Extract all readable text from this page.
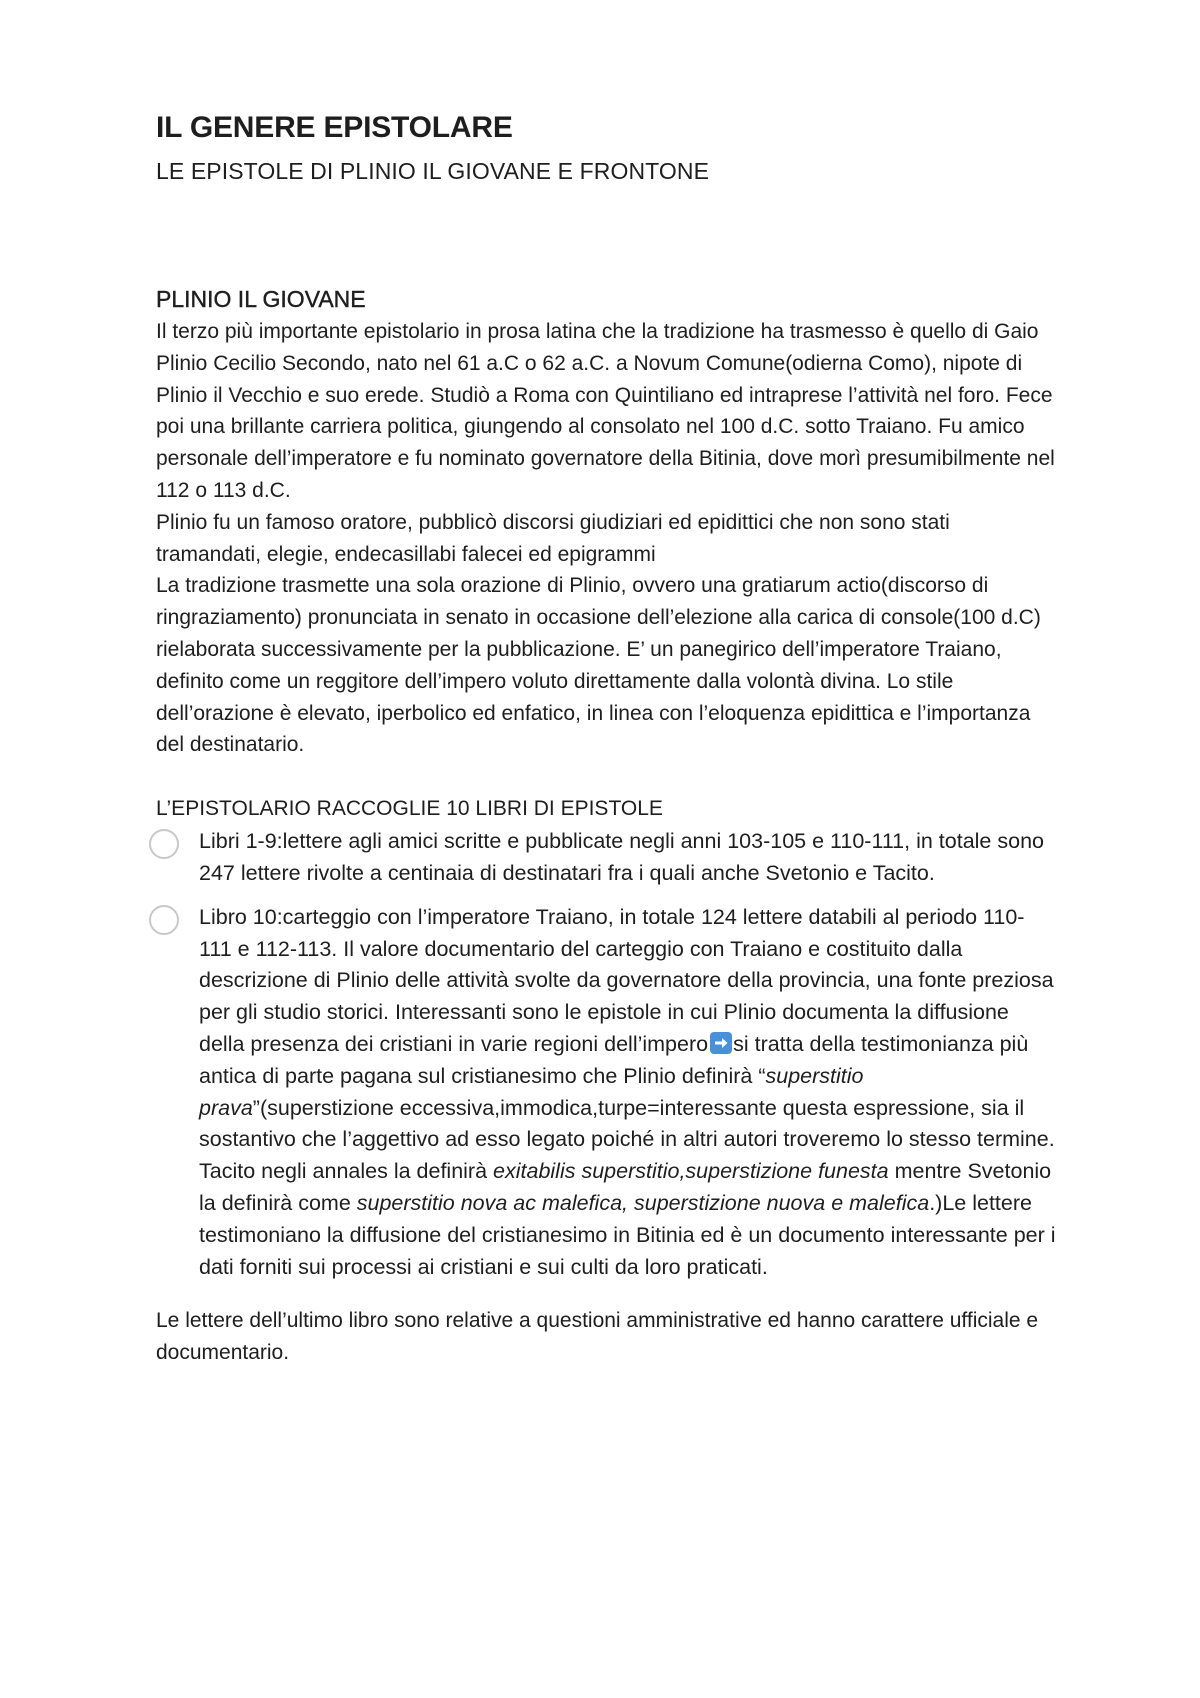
IL GENERE EPISTOLARE
LE EPISTOLE DI PLINIO IL GIOVANE E FRONTONE
PLINIO IL GIOVANE

Il terzo più importante epistolario in prosa latina che la tradizione ha trasmesso è quello di Gaio Plinio Cecilio Secondo, nato nel 61 a.C o 62 a.C. a Novum Comune(odierna Como), nipote di Plinio il Vecchio e suo erede. Studiò a Roma con Quintiliano ed intraprese l’attività nel foro. Fece poi una brillante carriera politica, giungendo al consolato nel 100 d.C. sotto Traiano. Fu amico personale dell’imperatore e fu nominato governatore della Bitinia, dove morì presumibilmente nel 112 o 113 d.C.

Plinio fu un famoso oratore, pubblicò discorsi giudiziari ed epidittici che non sono stati tramandati, elegie, endecasillabi falecei ed epigrammi

La tradizione trasmette una sola orazione di Plinio, ovvero una gratiarum actio(discorso di ringraziamento) pronunciata in senato in occasione dell’elezione alla carica di console(100 d.C) rielaborata successivamente per la pubblicazione. E’ un panegirico dell’imperatore Traiano, definito come un reggitore dell’impero voluto direttamente dalla volontà divina. Lo stile dell’orazione è elevato, iperbolico ed enfatico, in linea con l’eloquenza epidittica e l’importanza del destinatario.

L’EPISTOLARIO RACCOGLIE 10 LIBRI DI EPISTOLE
Libri 1-9:lettere agli amici scritte e pubblicate negli anni 103-105 e 110-111, in totale sono 247 lettere rivolte a centinaia di destinatari fra i quali anche Svetonio e Tacito.
Libro 10:carteggio con l’imperatore Traiano, in totale 124 lettere databili al periodo 110-111 e 112-113. Il valore documentario del carteggio con Traiano e costituito dalla descrizione di Plinio delle attività svolte da governatore della provincia, una fonte preziosa per gli studio storici. Interessanti sono le epistole in cui Plinio documenta la diffusione della presenza dei cristiani in varie regioni dell’impero si tratta della testimonianza più antica di parte pagana sul cristianesimo che Plinio definirà “superstitio prava”(superstizione eccessiva,immodica,turpe=interessante questa espressione, sia il sostantivo che l’aggettivo ad esso legato poiché in altri autori troveremo lo stesso termine. Tacito negli annales la definirà exitabilis superstitio,superstizione funesta mentre Svetonio la definirà come superstitio nova ac malefica, superstizione nuova e malefica.)Le lettere testimoniano la diffusione del cristianesimo in Bitinia ed è un documento interessante per i dati forniti sui processi ai cristiani e sui culti da loro praticati.
Le lettere dell’ultimo libro sono relative a questioni amministrative ed hanno carattere ufficiale e documentario.
